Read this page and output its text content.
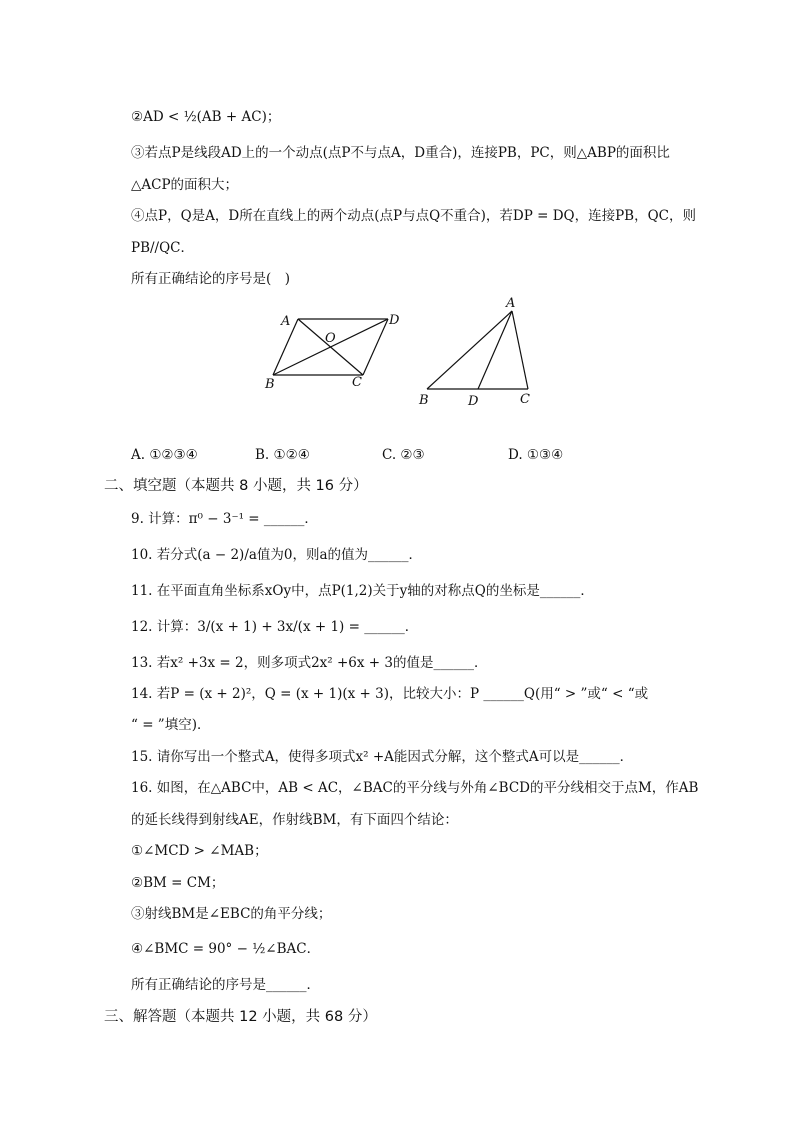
②AD < ½(AB + AC)；
③若点P是线段AD上的一个动点(点P不与点A，D重合)，连接PB，PC，则△ABP的面积比
△ACP的面积大；
④点P，Q是A，D所在直线上的两个动点(点P与点Q不重合)，若DP = DQ，连接PB，QC，则
PB//QC．
所有正确结论的序号是(　)
A	D
O
B	C
A
B	D	C
A. ①②③④	B. ①②④	C. ②③	D. ①③④
二、填空题（本题共 8 小题，共 16 分）
9. 计算：π⁰ − 3⁻¹ = ______．
10. 若分式(a − 2)/a值为0，则a的值为______．
11. 在平面直角坐标系xOy中，点P(1,2)关于y轴的对称点Q的坐标是______．
12. 计算：3/(x + 1) + 3x/(x + 1) = ______．
13. 若x² +3x = 2，则多项式2x² +6x + 3的值是______．
14. 若P = (x + 2)²，Q = (x + 1)(x + 3)，比较大小：P ______Q(用“ > ”或“ < “或
“ = ”填空)．
15. 请你写出一个整式A，使得多项式x² +A能因式分解，这个整式A可以是______．
16. 如图，在△ABC中，AB < AC，∠BAC的平分线与外角∠BCD的平分线相交于点M，作AB
的延长线得到射线AE，作射线BM，有下面四个结论：
①∠MCD > ∠MAB；
②BM = CM；
③射线BM是∠EBC的角平分线；
④∠BMC = 90° − ½∠BAC．
所有正确结论的序号是______．
三、解答题（本题共 12 小题，共 68 分）
